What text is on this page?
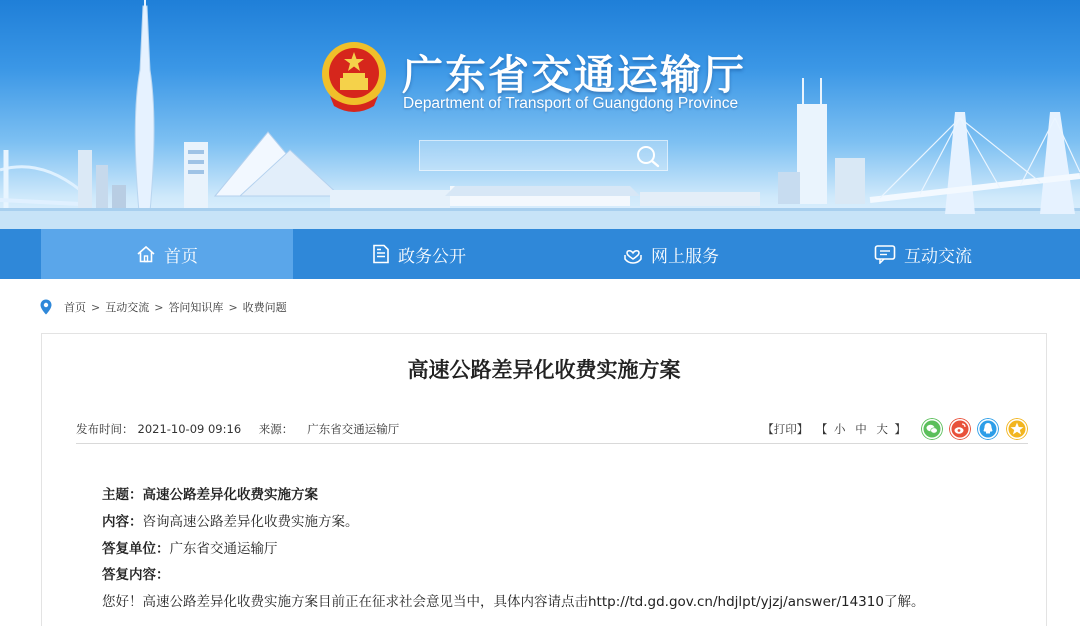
广东省交通运输厅
Department of Transport of Guangdong Province
首页	政务公开	网上服务	互动交流
首页 > 互动交流 > 答问知识库 > 收费问题
高速公路差异化收费实施方案
发布时间： 2021-10-09 09:16 来源： 广东省交通运输厅	【打印】 【 小 中 大 】
主题：高速公路差异化收费实施方案
内容：咨询高速公路差异化收费实施方案。
答复单位：广东省交通运输厅
答复内容：
您好！高速公路差异化收费实施方案目前正在征求社会意见当中，具体内容请点击http://td.gd.gov.cn/hdjlpt/yjzj/answer/14310了解。
